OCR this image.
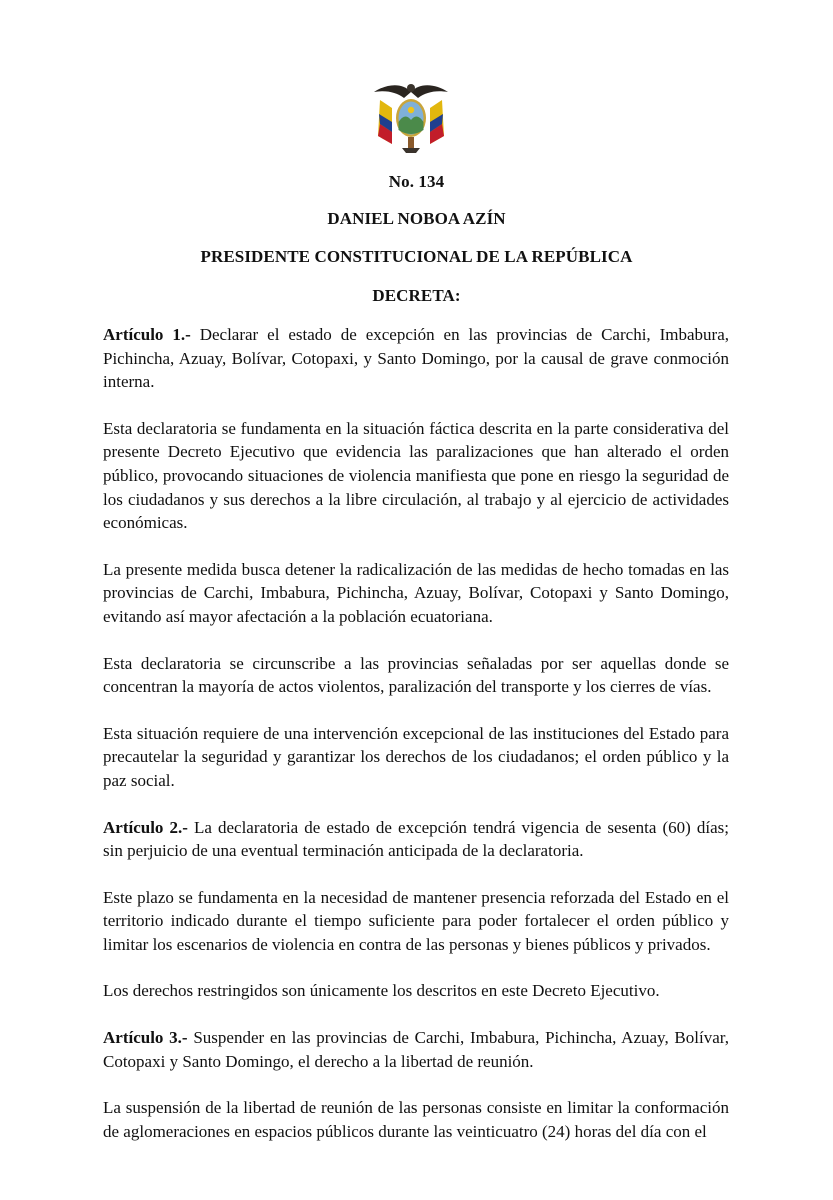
No. 134
DANIEL NOBOA AZÍN
PRESIDENTE CONSTITUCIONAL DE LA REPÚBLICA
DECRETA:

Artículo 1.- Declarar el estado de excepción en las provincias de Carchi, Imbabura, Pichincha, Azuay, Bolívar, Cotopaxi, y Santo Domingo, por la causal de grave conmoción interna.

Esta declaratoria se fundamenta en la situación fáctica descrita en la parte considerativa del presente Decreto Ejecutivo que evidencia las paralizaciones que han alterado el orden público, provocando situaciones de violencia manifiesta que pone en riesgo la seguridad de los ciudadanos y sus derechos a la libre circulación, al trabajo y al ejercicio de actividades económicas.

La presente medida busca detener la radicalización de las medidas de hecho tomadas en las provincias de Carchi, Imbabura, Pichincha, Azuay, Bolívar, Cotopaxi y Santo Domingo, evitando así mayor afectación a la población ecuatoriana.

Esta declaratoria se circunscribe a las provincias señaladas por ser aquellas donde se concentran la mayoría de actos violentos, paralización del transporte y los cierres de vías.

Esta situación requiere de una intervención excepcional de las instituciones del Estado para precautelar la seguridad y garantizar los derechos de los ciudadanos; el orden público y la paz social.

Artículo 2.- La declaratoria de estado de excepción tendrá vigencia de sesenta (60) días; sin perjuicio de una eventual terminación anticipada de la declaratoria.

Este plazo se fundamenta en la necesidad de mantener presencia reforzada del Estado en el territorio indicado durante el tiempo suficiente para poder fortalecer el orden público y limitar los escenarios de violencia en contra de las personas y bienes públicos y privados.

Los derechos restringidos son únicamente los descritos en este Decreto Ejecutivo.

Artículo 3.- Suspender en las provincias de Carchi, Imbabura, Pichincha, Azuay, Bolívar, Cotopaxi y Santo Domingo, el derecho a la libertad de reunión.

La suspensión de la libertad de reunión de las personas consiste en limitar la conformación de aglomeraciones en espacios públicos durante las veinticuatro (24) horas del día con el
